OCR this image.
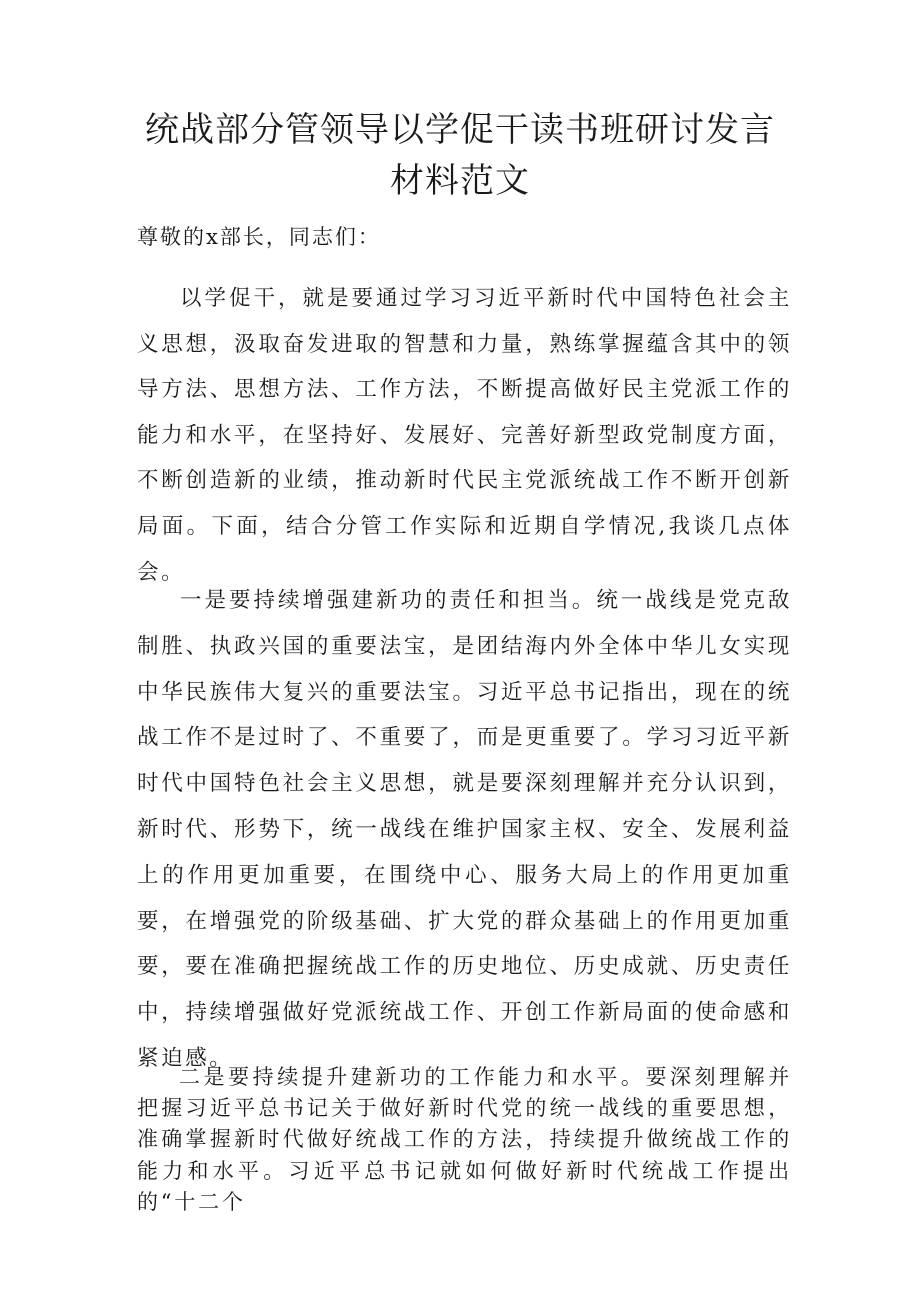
统战部分管领导以学促干读书班研讨发言
材料范文
尊敬的x部长，同志们：

以学促干，就是要通过学习习近平新时代中国特色社会主义思想，汲取奋发进取的智慧和力量，熟练掌握蕴含其中的领导方法、思想方法、工作方法，不断提高做好民主党派工作的能力和水平，在坚持好、发展好、完善好新型政党制度方面，不断创造新的业绩，推动新时代民主党派统战工作不断开创新局面。下面，结合分管工作实际和近期自学情况,我谈几点体会。

一是要持续增强建新功的责任和担当。统一战线是党克敌制胜、执政兴国的重要法宝，是团结海内外全体中华儿女实现中华民族伟大复兴的重要法宝。习近平总书记指出，现在的统战工作不是过时了、不重要了，而是更重要了。学习习近平新时代中国特色社会主义思想，就是要深刻理解并充分认识到，新时代、形势下，统一战线在维护国家主权、安全、发展利益上的作用更加重要，在围绕中心、服务大局上的作用更加重要，在增强党的阶级基础、扩大党的群众基础上的作用更加重要，要在准确把握统战工作的历史地位、历史成就、历史责任中，持续增强做好党派统战工作、开创工作新局面的使命感和紧迫感。

二是要持续提升建新功的工作能力和水平。要深刻理解并把握习近平总书记关于做好新时代党的统一战线的重要思想，准确掌握新时代做好统战工作的方法，持续提升做统战工作的能力和水平。习近平总书记就如何做好新时代统战工作提出的“十二个
